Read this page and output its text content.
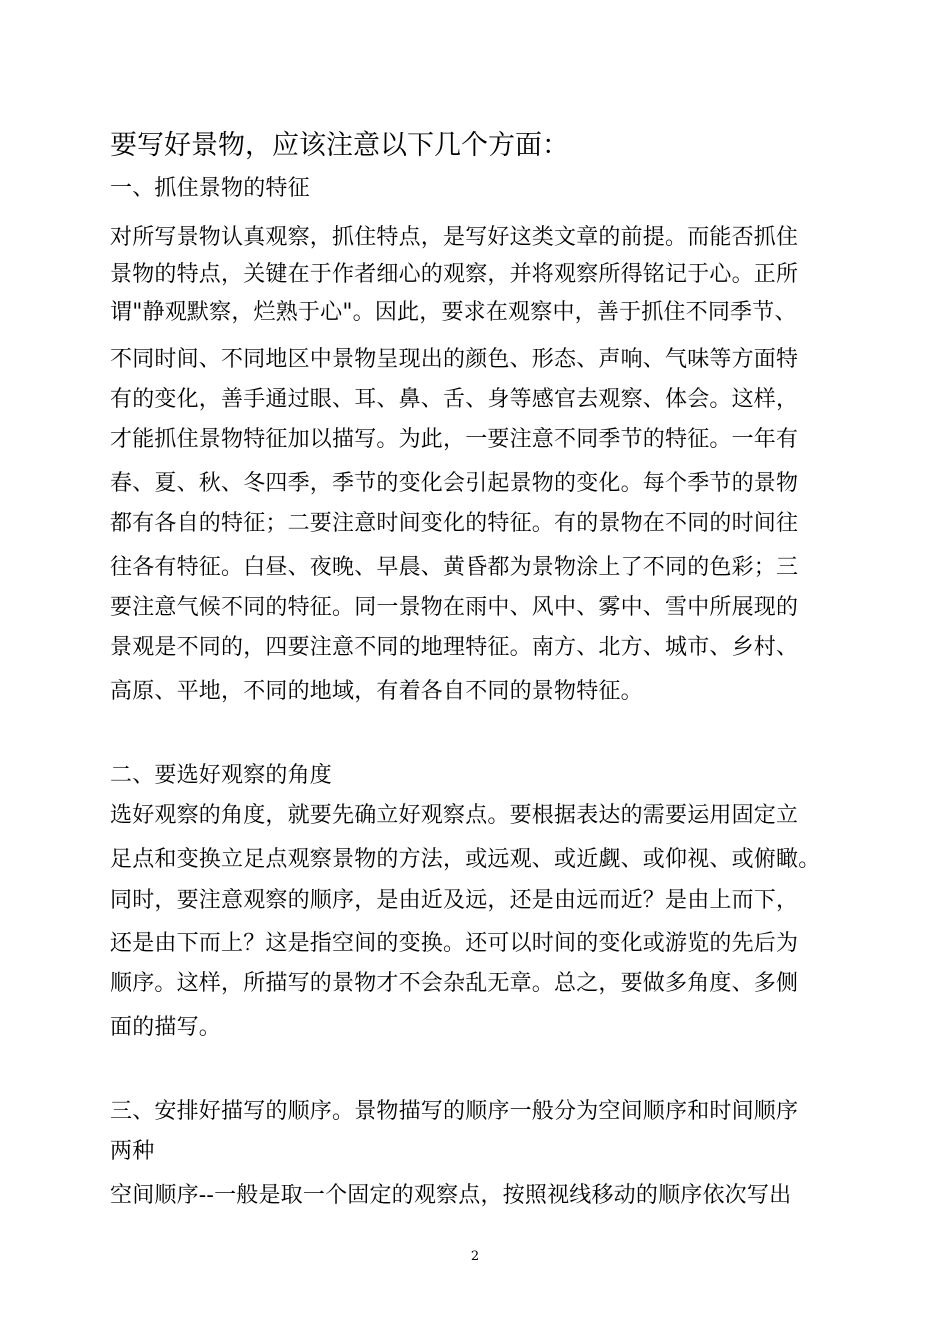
要写好景物，应该注意以下几个方面：
一、抓住景物的特征
对所写景物认真观察，抓住特点，是写好这类文章的前提。而能否抓住
景物的特点，关键在于作者细心的观察，并将观察所得铭记于心。正所
谓"静观默察，烂熟于心"。因此，要求在观察中，善于抓住不同季节、
不同时间、不同地区中景物呈现出的颜色、形态、声响、气味等方面特
有的变化，善手通过眼、耳、鼻、舌、身等感官去观察、体会。这样，
才能抓住景物特征加以描写。为此，一要注意不同季节的特征。一年有
春、夏、秋、冬四季，季节的变化会引起景物的变化。每个季节的景物
都有各自的特征；二要注意时间变化的特征。有的景物在不同的时间往
往各有特征。白昼、夜晚、早晨、黄昏都为景物涂上了不同的色彩；三
要注意气候不同的特征。同一景物在雨中、风中、雾中、雪中所展现的
景观是不同的，四要注意不同的地理特征。南方、北方、城市、乡村、
高原、平地，不同的地域，有着各自不同的景物特征。
二、要选好观察的角度
选好观察的角度，就要先确立好观察点。要根据表达的需要运用固定立
足点和变换立足点观察景物的方法，或远观、或近觑、或仰视、或俯瞰。
同时，要注意观察的顺序，是由近及远，还是由远而近？是由上而下，
还是由下而上？这是指空间的变换。还可以时间的变化或游览的先后为
顺序。这样，所描写的景物才不会杂乱无章。总之，要做多角度、多侧
面的描写。
三、安排好描写的顺序。景物描写的顺序一般分为空间顺序和时间顺序
两种
空间顺序--一般是取一个固定的观察点，按照视线移动的顺序依次写出
2
